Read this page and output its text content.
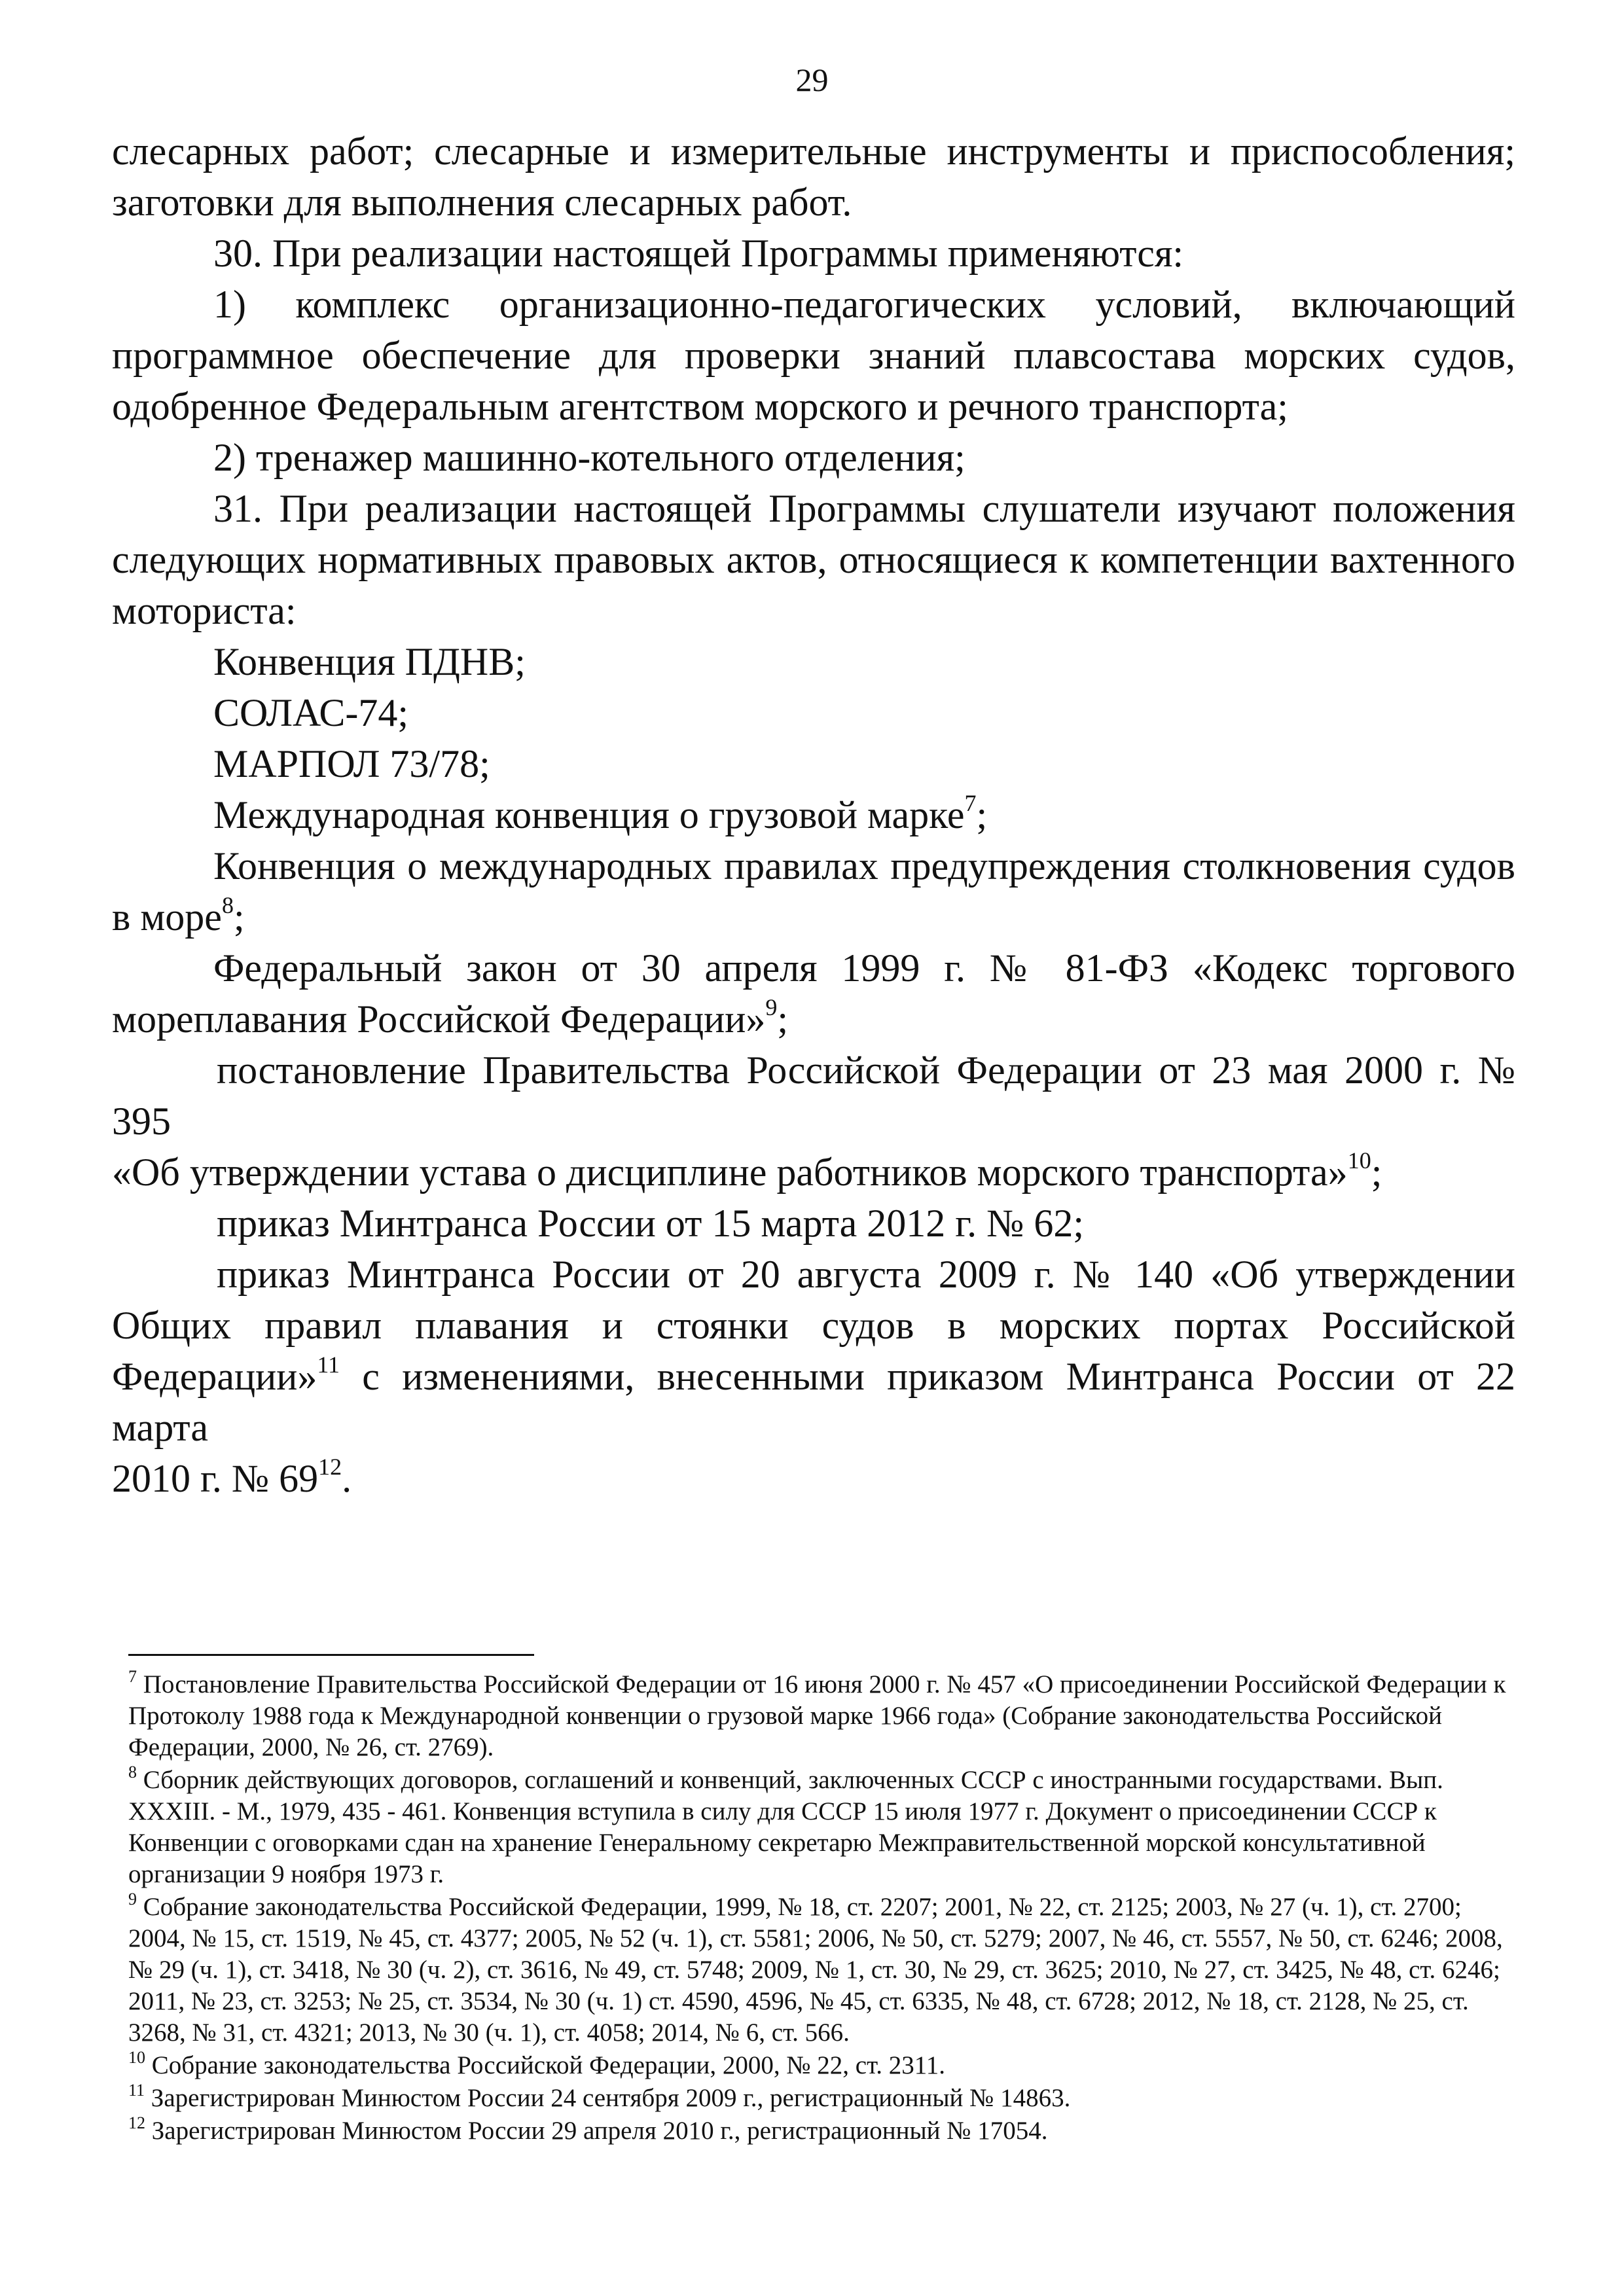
29

слесарных работ; слесарные и измерительные инструменты и приспособления;

заготовки для выполнения слесарных работ.

30. При реализации настоящей Программы применяются:

1) комплекс организационно-педагогических условий, включающий

программное обеспечение для проверки знаний плавсостава морских судов,

одобренное Федеральным агентством морского и речного транспорта;

2) тренажер машинно-котельного отделения;

31. При реализации настоящей Программы слушатели изучают положения

следующих нормативных правовых актов, относящиеся к компетенции вахтенного

моториста:

Конвенция ПДНВ;

СОЛАС-74;

МАРПОЛ 73/78;

Международная конвенция о грузовой марке$^7$;

Конвенция о международных правилах предупреждения столкновения судов

в море$^8$;

Федеральный закон от 30 апреля 1999 г. № 81-ФЗ «Кодекс торгового

мореплавания Российской Федерации»$^9$;

постановление Правительства Российской Федерации от 23 мая 2000 г. № 395

«Об утверждении устава о дисциплине работников морского транспорта»$^{10}$;

приказ Минтранса России от 15 марта 2012 г. № 62;

приказ Минтранса России от 20 августа 2009 г. № 140 «Об утверждении

Общих правил плавания и стоянки судов в морских портах Российской

Федерации»$^{11}$ с изменениями, внесенными приказом Минтранса России от 22 марта

2010 г. № $69^{12}$.

$^7$ Постановление Правительства Российской Федерации от 16 июня 2000 г. № 457 «О присоединении Российской Федерации к Протоколу 1988 года к Международной конвенции о грузовой марке 1966 года» (Собрание законодательства Российской Федерации, 2000, № 26, ст. 2769).

$^8$ Сборник действующих договоров, соглашений и конвенций, заключенных СССР с иностранными государствами. Вып. XXXIII. - М., 1979, 435 - 461. Конвенция вступила в силу для СССР 15 июля 1977 г. Документ о присоединении СССР к Конвенции с оговорками сдан на хранение Генеральному секретарю Межправительственной морской консультативной организации 9 ноября 1973 г.

$^9$ Собрание законодательства Российской Федерации, 1999, № 18, ст. 2207; 2001, № 22, ст. 2125; 2003, № 27 (ч. 1), ст. 2700; 2004, № 15, ст. 1519, № 45, ст. 4377; 2005, № 52 (ч. 1), ст. 5581; 2006, № 50, ст. 5279; 2007, № 46, ст. 5557, № 50, ст. 6246; 2008, № 29 (ч. 1), ст. 3418, № 30 (ч. 2), ст. 3616, № 49, ст. 5748; 2009, № 1, ст. 30, № 29, ст. 3625; 2010, № 27, ст. 3425, № 48, ст. 6246; 2011, № 23, ст. 3253; № 25, ст. 3534, № 30 (ч. 1) ст. 4590, 4596, № 45, ст. 6335, № 48, ст. 6728; 2012, № 18, ст. 2128, № 25, ст. 3268, № 31, ст. 4321; 2013, № 30 (ч. 1), ст. 4058; 2014, № 6, ст. 566.

$^{10}$ Собрание законодательства Российской Федерации, 2000, № 22, ст. 2311.

$^{11}$ Зарегистрирован Минюстом России 24 сентября 2009 г., регистрационный № 14863.

$^{12}$ Зарегистрирован Минюстом России 29 апреля 2010 г., регистрационный № 17054.
